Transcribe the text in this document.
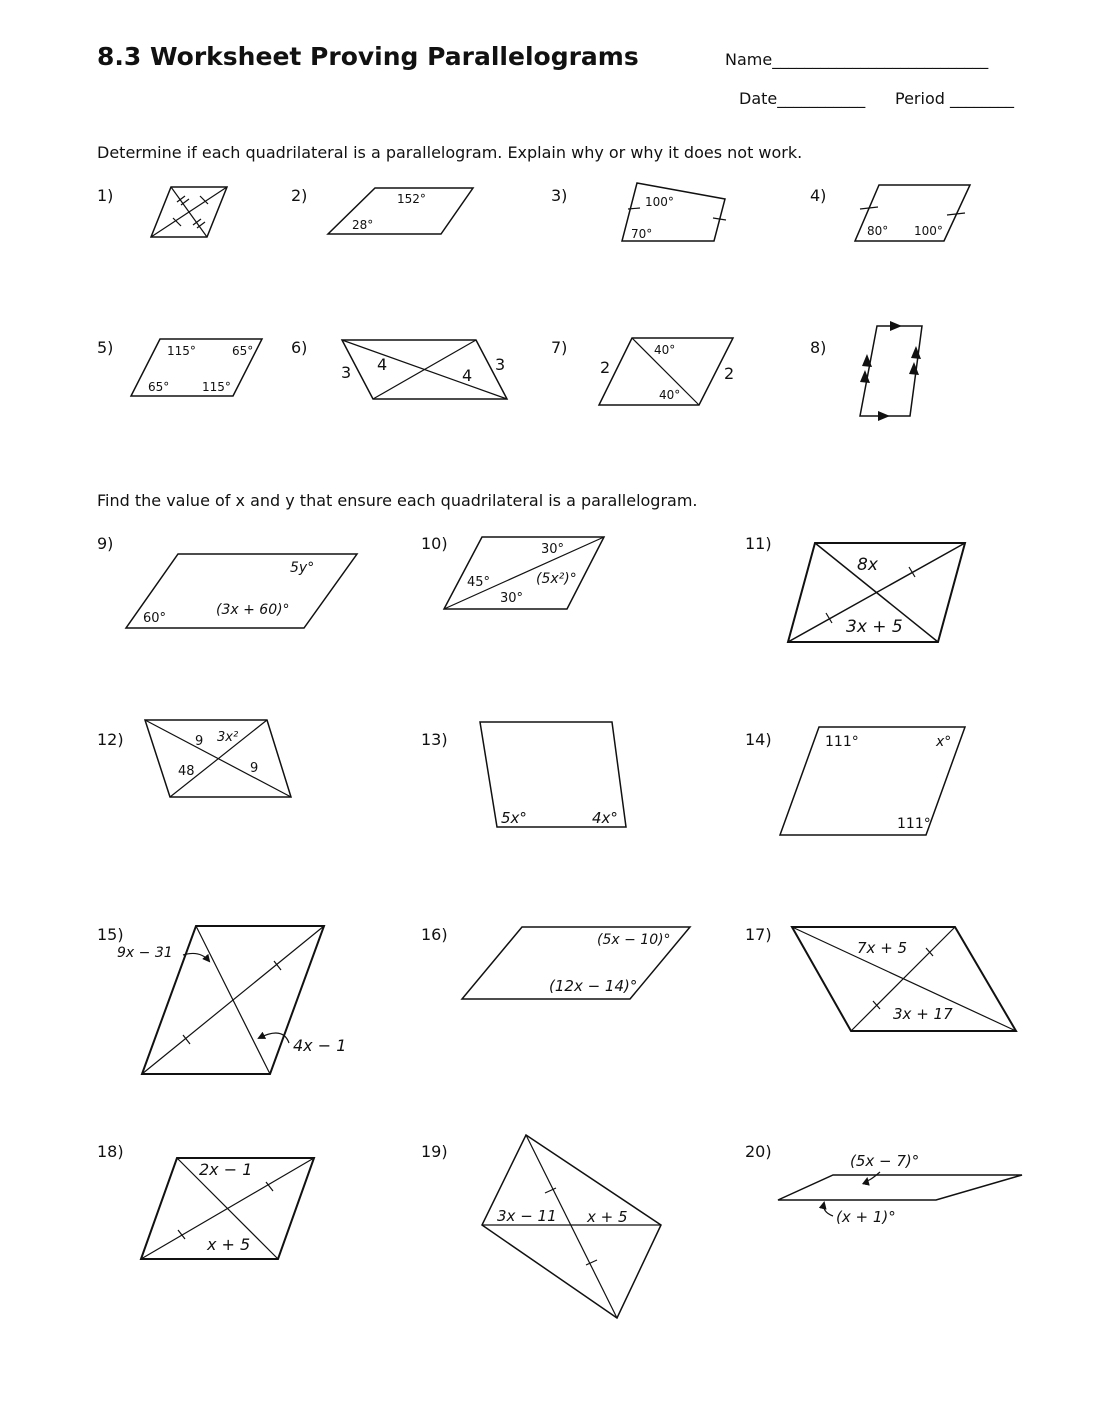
8.3 Worksheet Proving Parallelograms	Name___________________________
Date___________ Period ________
Determine if each quadrilateral is a parallelogram. Explain why or why it does not work.
Find the value of x and y that ensure each quadrilateral is a parallelogram.
1)	2)	3)	4)
5)	6)	7)	8)
9)	10)	11)
12)	13)	14)
15)	16)	17)
18)	19)	20)
152°
28°
100°
70°	80° 100°
115°	65°
65°	115°
3 4
4
3
40°
2	2
40°
5y°
(3x + 60)°
60°
30°
45°	(5x²)°
30°
8x
3x + 5
9 3x²
48	9
5x°	4x°
111°	x°
111°
9x − 31
4x − 1
(5x − 10)°
(12x − 14)°
7x + 5
3x + 17
2x − 1
x + 5
3x − 11 x + 5
(5x − 7)°
(x + 1)°
